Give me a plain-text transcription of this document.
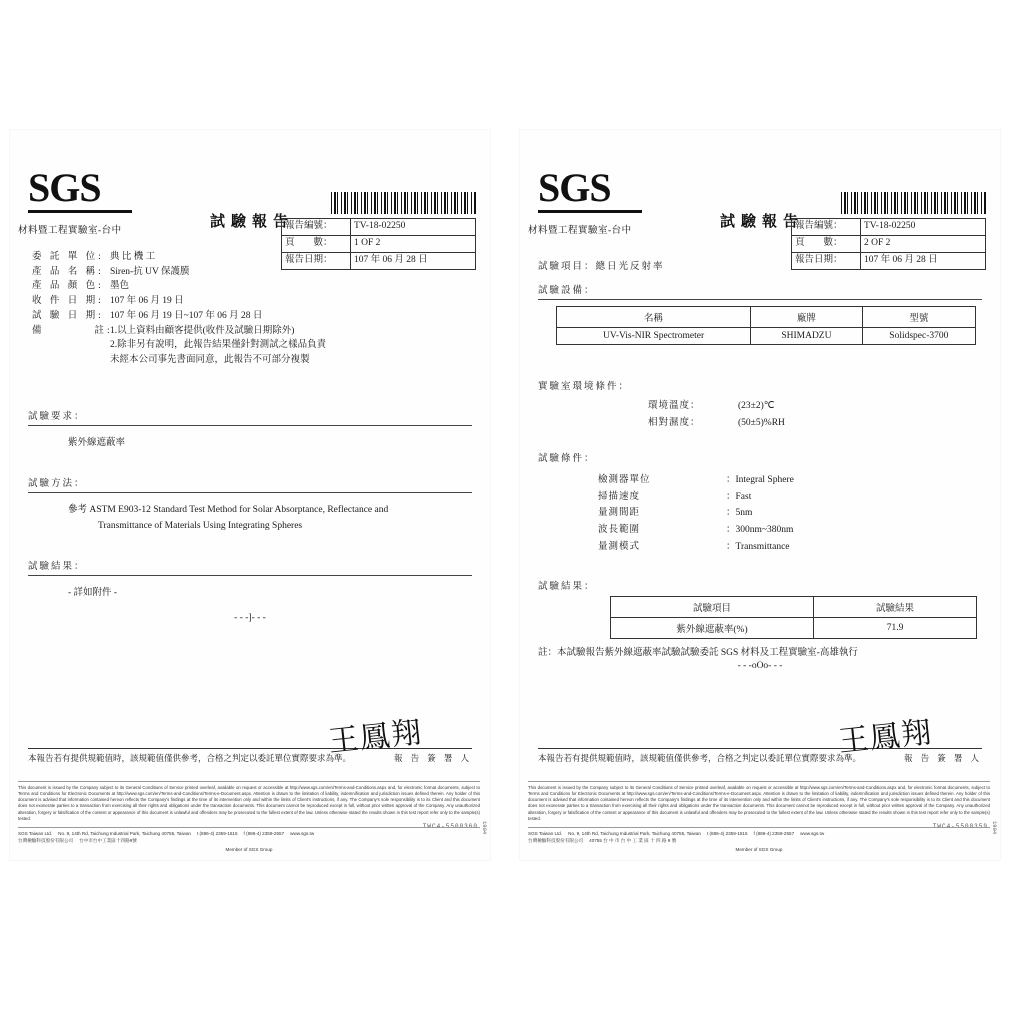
SGS
材料暨工程實驗室-台中
試驗報告
報告編號：	TV-18-02250
頁　　數：	1 OF 2
報告日期：	107 年 06 月 28 日
委 託 單 位: 典 比 機 工
產 品 名 稱: Siren-抗 UV 保護膜
產 品 顏 色: 墨色
收 件 日 期: 107 年 06 月 19 日
試 驗 日 期: 107 年 06 月 19 日~107 年 06 月 28 日
備　　　　註:
1.以上資料由顧客提供(收件及試驗日期除外)
2.除非另有說明，此報告結果僅針對測試之樣品負責
未經本公司事先書面同意，此報告不可部分複製
試驗要求：
紫外線遮蔽率
試驗方法：
參考 ASTM E903-12 Standard Test Method for Solar Absorptance, Reflectance and
Transmittance of Materials Using Integrating Spheres
試驗結果：
- 詳如附件 -
- - -]- - -
王 鳳 翔
本報告若有提供規範值時，該規範值僅供參考，合格之判定以委託單位實際要求為準。	報 告 簽 署 人
This document is issued by the Company subject to its General Conditions of Service printed overleaf, available on request or accessible at http://www.sgs.com/en/Terms-and-Conditions.aspx and, for electronic format documents, subject to Terms and Conditions for Electronic Documents at http://www.sgs.com/en/Terms-and-Conditions/Terms-e-Document.aspx. Attention is drawn to the limitation of liability, indemnification and jurisdiction issues defined therein. Any holder of this document is advised that information contained hereon reflects the Company's findings at the time of its intervention only and within the limits of Client's instructions, if any. The Company's sole responsibility is to its Client and this document does not exonerate parties to a transaction from exercising all their rights and obligations under the transaction documents. This document cannot be reproduced except in full, without prior written approval of the Company. Any unauthorized alteration, forgery or falsification of the content or appearance of this document is unlawful and offenders may be prosecuted to the fullest extent of the law. Unless otherwise stated the results shown in this test report refer only to the sample(s) tested.
TWC4-5500360 1904
SGS Taiwan Ltd. No. 9, 14th Rd, Taichung Industrial Park, Taichung 40755, Taiwan t (886-4) 2359-1515 f (886-4) 2359-2557 www.sgs.tw
台灣檢驗科技股份有限公司 台中市台中工業區十四路9號
Member of SGS Group
SGS
材料暨工程實驗室-台中
試驗報告
報告編號：	TV-18-02250
頁　　數：	2 OF 2
報告日期：	107 年 06 月 28 日
試驗項目：總日光反射率
試驗設備：
名稱	廠牌	型號
UV-Vis-NIR Spectrometer	SHIMADZU	Solidspec-3700
實驗室環境條件：
環境溫度：	(23±2)℃
相對濕度：	(50±5)%RH
試驗條件：
檢測器單位	：Integral Sphere
掃描速度	：Fast
量測間距	：5nm
波長範圍	：300nm~380nm
量測模式	：Transmittance
試驗結果：
試驗項目	試驗結果
紫外線遮蔽率(%)	71.9
註：本試驗報告紫外線遮蔽率試驗試驗委託 SGS 材料及工程實驗室-高雄執行
- - -oOo- - -
王 鳳 翔
本報告若有提供規範值時，該規範值僅供參考，合格之判定以委託單位實際要求為準。	報 告 簽 署 人
This document is issued by the Company subject to its General Conditions of Service printed overleaf, available on request or accessible at http://www.sgs.com/en/Terms-and-Conditions.aspx and, for electronic format documents, subject to Terms and Conditions for Electronic Documents at http://www.sgs.com/en/Terms-and-Conditions/Terms-e-Document.aspx. Attention is drawn to the limitation of liability, indemnification and jurisdiction issues defined therein. Any holder of this document is advised that information contained hereon reflects the Company's findings at the time of its intervention only and within the limits of Client's instructions, if any. The Company's sole responsibility is to its Client and this document does not exonerate parties to a transaction from exercising all their rights and obligations under the transaction documents. This document cannot be reproduced except in full, without prior written approval of the Company. Any unauthorized alteration, forgery or falsification of the content or appearance of this document is unlawful and offenders may be prosecuted to the fullest extent of the law. Unless otherwise stated the results shown in this test report refer only to the sample(s) tested.
TWC4-5500359 1904
SGS Taiwan Ltd. No. 9, 14th Rd, Taichung Industrial Park, Taichung 40755, Taiwan t (886-4) 2359-1515 f (886-4) 2359-2557 www.sgs.tw
台灣檢驗科技股份有限公司 40755 台 中 市 台 中 工 業 區 十 四 路 9 號
Member of SGS Group
